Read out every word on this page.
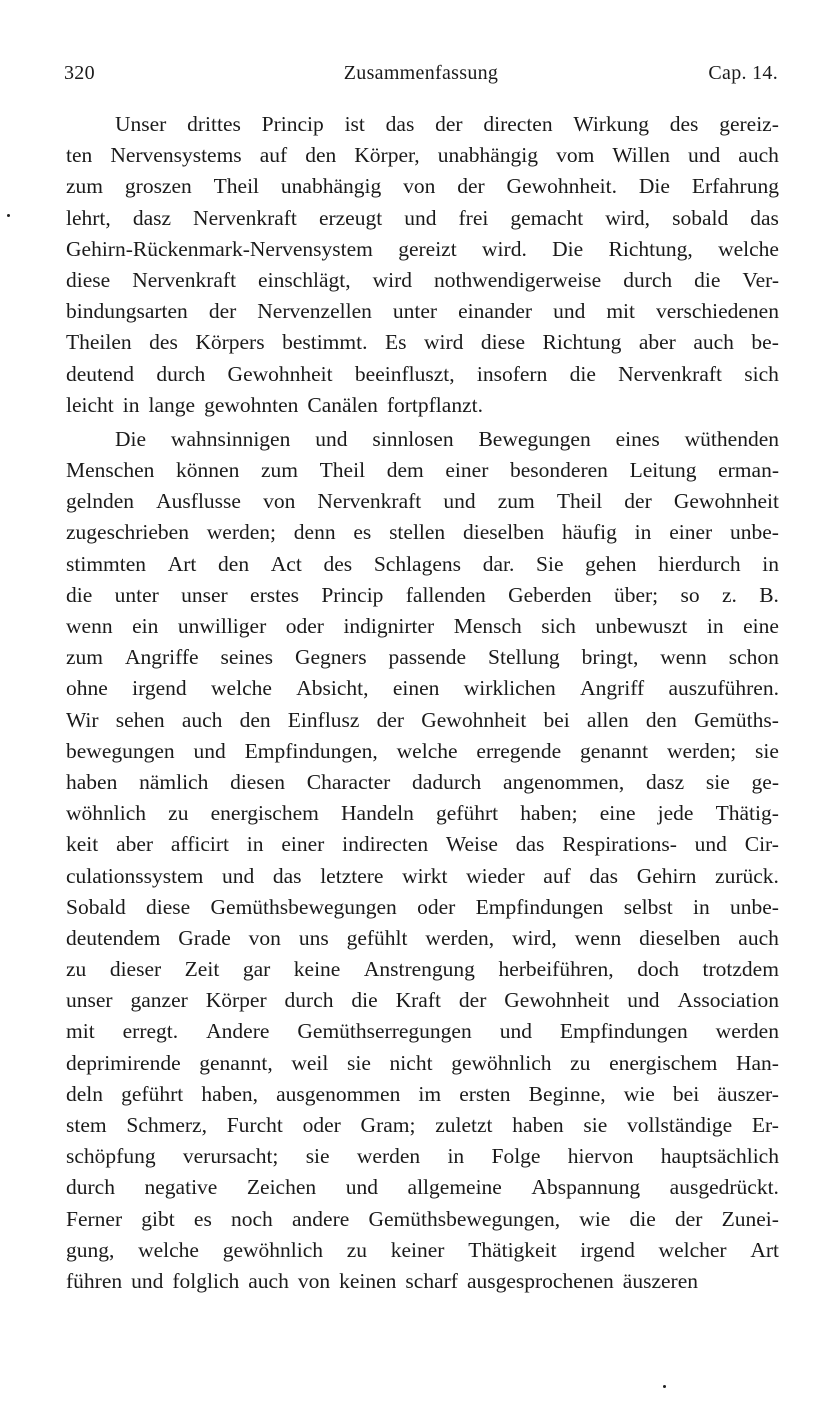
320	Zusammenfassung	Cap. 14.
Unser drittes Princip ist das der directen Wirkung des gereiz-
ten Nervensystems auf den Körper, unabhängig vom Willen und auch
zum groszen Theil unabhängig von der Gewohnheit. Die Erfahrung
lehrt, dasz Nervenkraft erzeugt und frei gemacht wird, sobald das
Gehirn-Rückenmark-Nervensystem gereizt wird. Die Richtung, welche
diese Nervenkraft einschlägt, wird nothwendigerweise durch die Ver-
bindungsarten der Nervenzellen unter einander und mit verschiedenen
Theilen des Körpers bestimmt. Es wird diese Richtung aber auch be-
deutend durch Gewohnheit beeinfluszt, insofern die Nervenkraft sich
leicht in lange gewohnten Canälen fortpflanzt.
Die wahnsinnigen und sinnlosen Bewegungen eines wüthenden
Menschen können zum Theil dem einer besonderen Leitung erman-
gelnden Ausflusse von Nervenkraft und zum Theil der Gewohnheit
zugeschrieben werden; denn es stellen dieselben häufig in einer unbe-
stimmten Art den Act des Schlagens dar. Sie gehen hierdurch in
die unter unser erstes Princip fallenden Geberden über; so z. B.
wenn ein unwilliger oder indignirter Mensch sich unbewuszt in eine
zum Angriffe seines Gegners passende Stellung bringt, wenn schon
ohne irgend welche Absicht, einen wirklichen Angriff auszuführen.
Wir sehen auch den Einflusz der Gewohnheit bei allen den Gemüths-
bewegungen und Empfindungen, welche erregende genannt werden; sie
haben nämlich diesen Character dadurch angenommen, dasz sie ge-
wöhnlich zu energischem Handeln geführt haben; eine jede Thätig-
keit aber afficirt in einer indirecten Weise das Respirations- und Cir-
culationssystem und das letztere wirkt wieder auf das Gehirn zurück.
Sobald diese Gemüthsbewegungen oder Empfindungen selbst in unbe-
deutendem Grade von uns gefühlt werden, wird, wenn dieselben auch
zu dieser Zeit gar keine Anstrengung herbeiführen, doch trotzdem
unser ganzer Körper durch die Kraft der Gewohnheit und Association
mit erregt. Andere Gemüthserregungen und Empfindungen werden
deprimirende genannt, weil sie nicht gewöhnlich zu energischem Han-
deln geführt haben, ausgenommen im ersten Beginne, wie bei äuszer-
stem Schmerz, Furcht oder Gram; zuletzt haben sie vollständige Er-
schöpfung verursacht; sie werden in Folge hiervon hauptsächlich
durch negative Zeichen und allgemeine Abspannung ausgedrückt.
Ferner gibt es noch andere Gemüthsbewegungen, wie die der Zunei-
gung, welche gewöhnlich zu keiner Thätigkeit irgend welcher Art
führen und folglich auch von keinen scharf ausgesprochenen äuszeren
